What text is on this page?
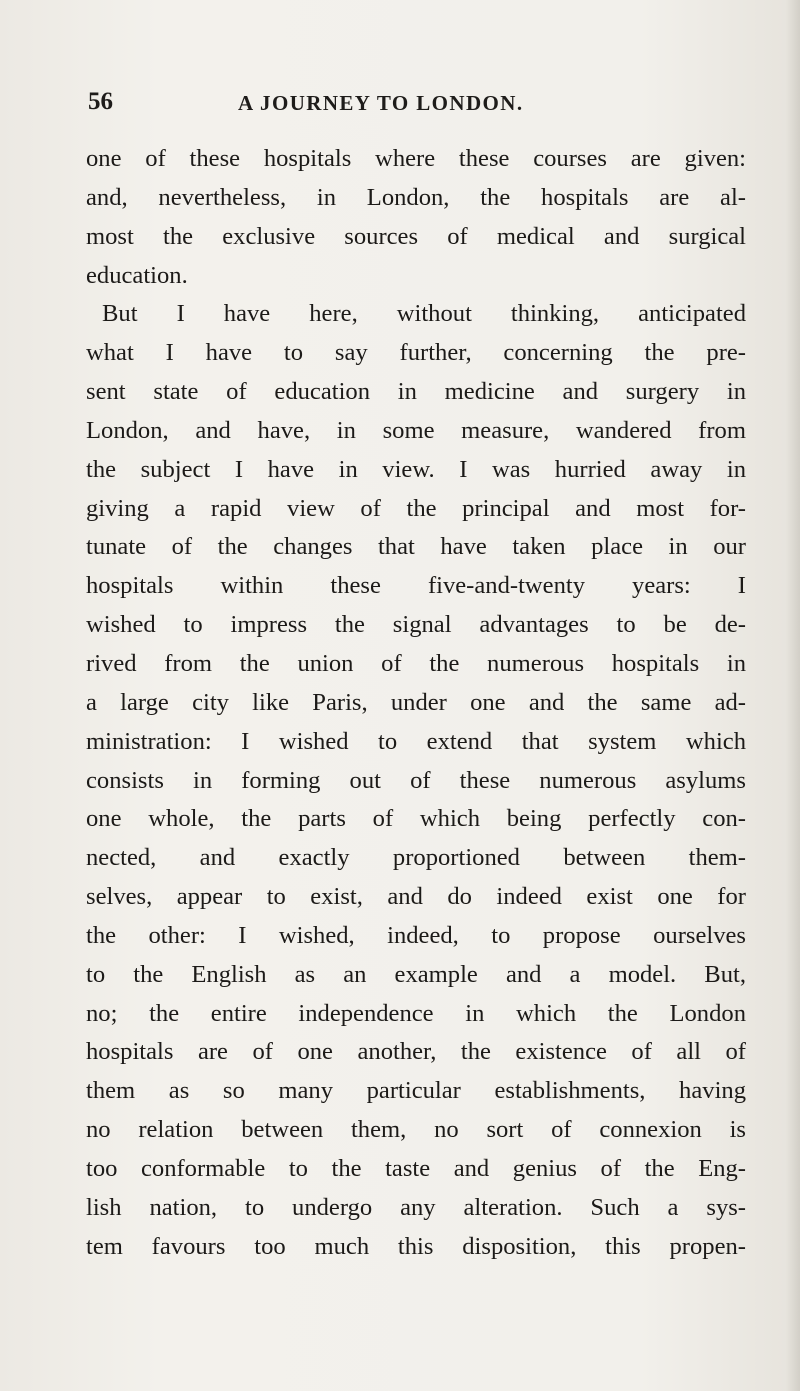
56	A JOURNEY TO LONDON.
one of these hospitals where these courses are given:
and, nevertheless, in London, the hospitals are al-
most the exclusive sources of medical and surgical
education.
But I have here, without thinking, anticipated
what I have to say further, concerning the pre-
sent state of education in medicine and surgery in
London, and have, in some measure, wandered from
the subject I have in view. I was hurried away in
giving a rapid view of the principal and most for-
tunate of the changes that have taken place in our
hospitals within these five-and-twenty years: I
wished to impress the signal advantages to be de-
rived from the union of the numerous hospitals in
a large city like Paris, under one and the same ad-
ministration: I wished to extend that system which
consists in forming out of these numerous asylums
one whole, the parts of which being perfectly con-
nected, and exactly proportioned between them-
selves, appear to exist, and do indeed exist one for
the other: I wished, indeed, to propose ourselves
to the English as an example and a model. But,
no; the entire independence in which the London
hospitals are of one another, the existence of all of
them as so many particular establishments, having
no relation between them, no sort of connexion is
too conformable to the taste and genius of the Eng-
lish nation, to undergo any alteration. Such a sys-
tem favours too much this disposition, this propen-
